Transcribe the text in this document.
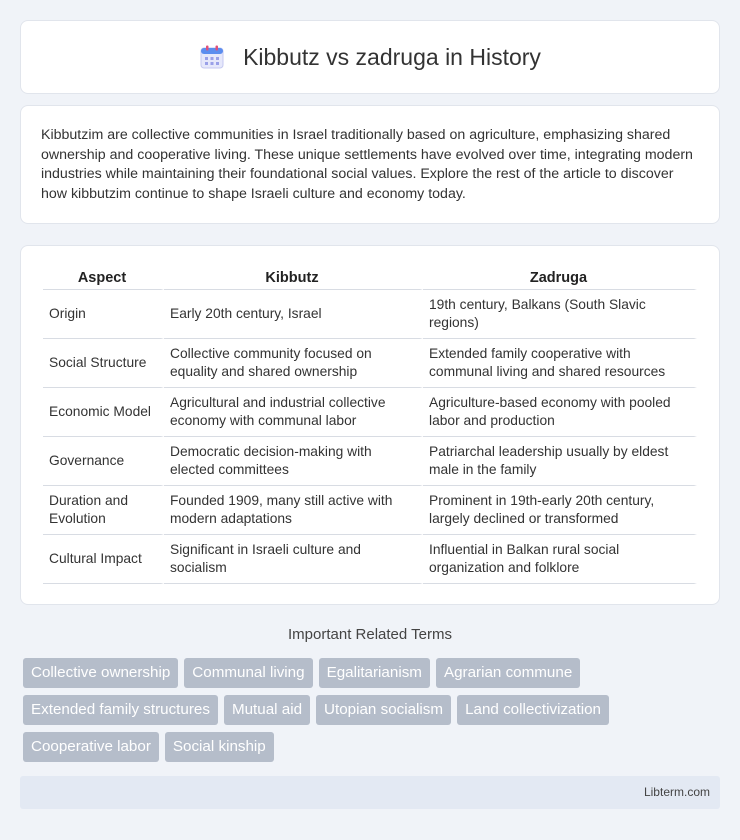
Kibbutz vs zadruga in History

Kibbutzim are collective communities in Israel traditionally based on agriculture, emphasizing shared ownership and cooperative living. These unique settlements have evolved over time, integrating modern industries while maintaining their foundational social values. Explore the rest of the article to discover how kibbutzim continue to shape Israeli culture and economy today.

Aspect	Kibbutz	Zadruga
Origin	Early 20th century, Israel	19th century, Balkans (South Slavic regions)
Social Structure	Collective community focused on equality and shared ownership	Extended family cooperative with communal living and shared resources
Economic Model	Agricultural and industrial collective economy with communal labor	Agriculture-based economy with pooled labor and production
Governance	Democratic decision-making with elected committees	Patriarchal leadership usually by eldest male in the family
Duration and Evolution	Founded 1909, many still active with modern adaptations	Prominent in 19th-early 20th century, largely declined or transformed
Cultural Impact	Significant in Israeli culture and socialism	Influential in Balkan rural social organization and folklore
Important Related Terms
Collective ownership	Communal living	Egalitarianism	Agrarian commune
Extended family structures	Mutual aid	Utopian socialism	Land collectivization
Cooperative labor	Social kinship
Libterm.com
